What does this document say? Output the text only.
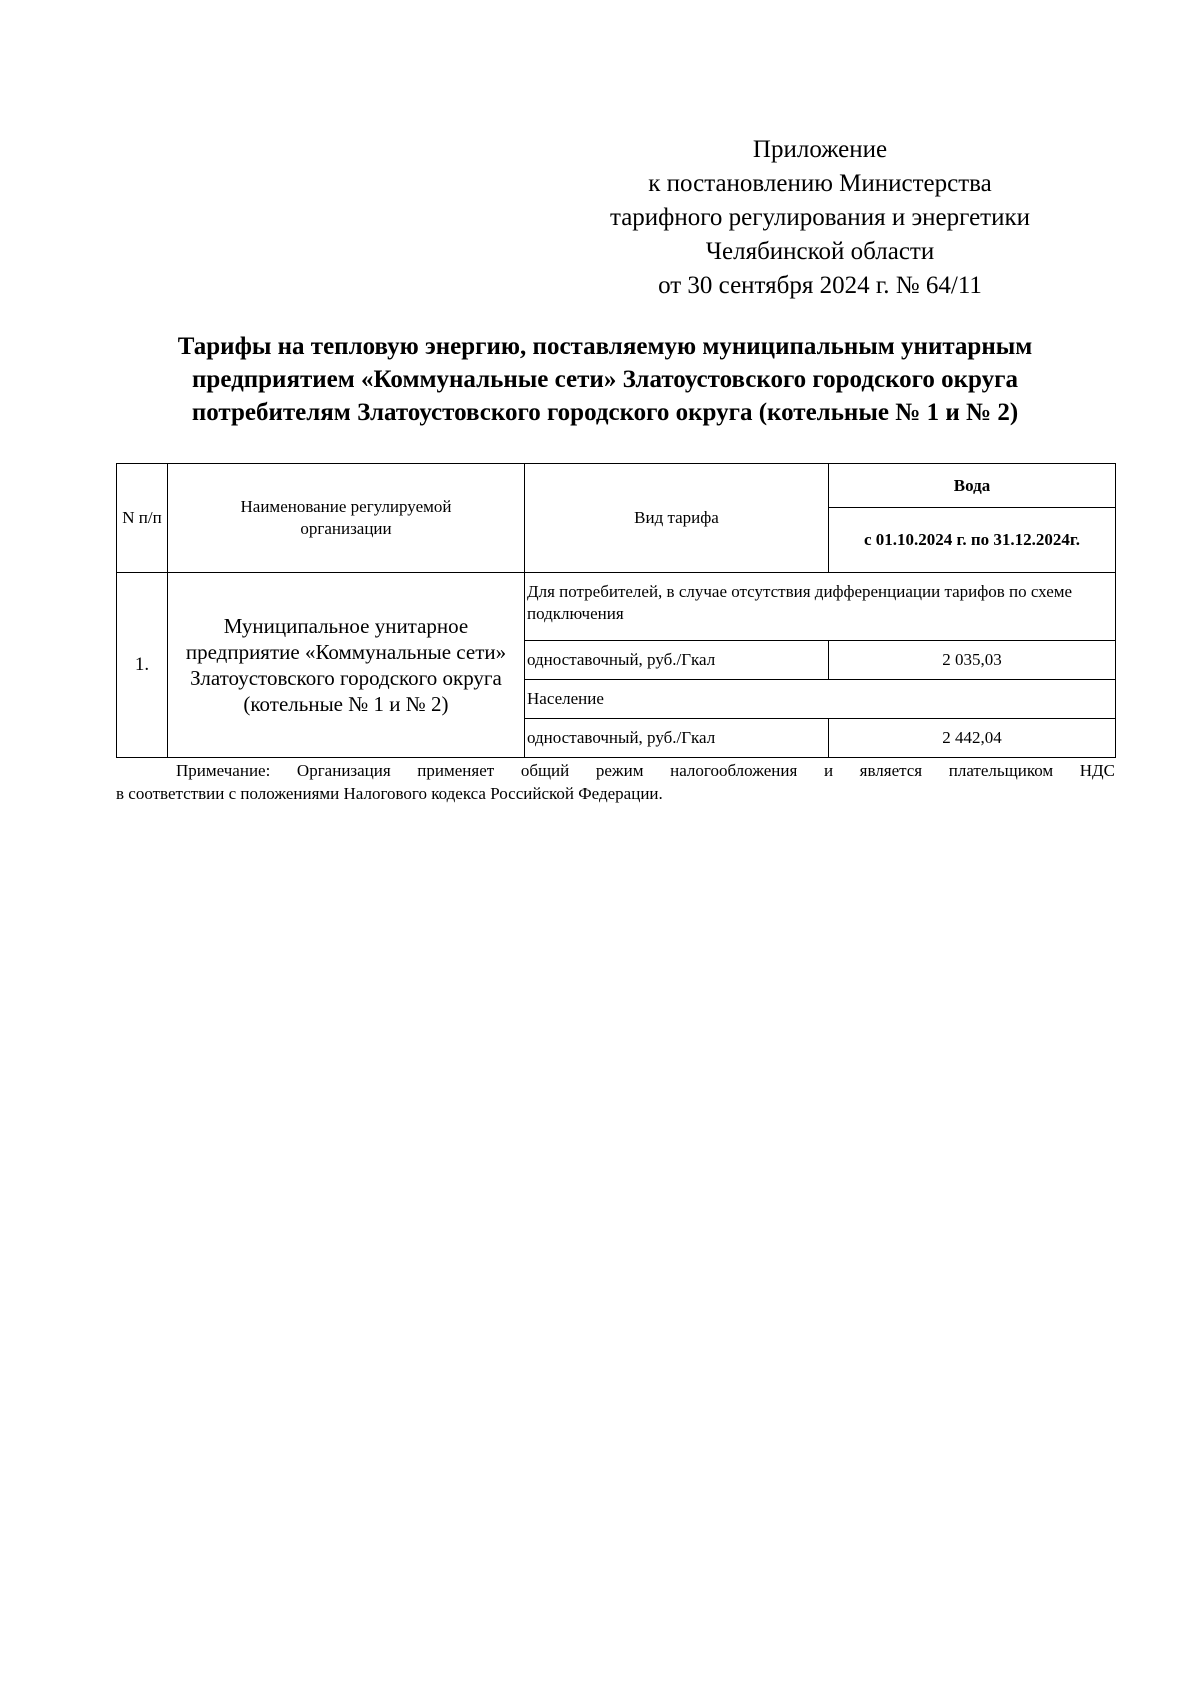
Приложение
к постановлению Министерства
тарифного регулирования и энергетики
Челябинской области
от 30 сентября 2024 г. № 64/11
Тарифы на тепловую энергию, поставляемую муниципальным унитарным
предприятием «Коммунальные сети» Златоустовского городского округа
потребителям Златоустовского городского округа (котельные № 1 и № 2)
N п/п	Наименование регулируемой организации	Вид тарифа	Вода
			с 01.10.2024 г. по 31.12.2024г.
1.	Муниципальное унитарное предприятие «Коммунальные сети» Златоустовского городского округа (котельные № 1 и № 2)	Для потребителей, в случае отсутствия дифференциации тарифов по схеме подключения	
		одноставочный, руб./Гкал	2 035,03
		Население	
		одноставочный, руб./Гкал	2 442,04
Примечание: Организация применяет общий режим налогообложения и является плательщиком НДС
в соответствии с положениями Налогового кодекса Российской Федерации.
